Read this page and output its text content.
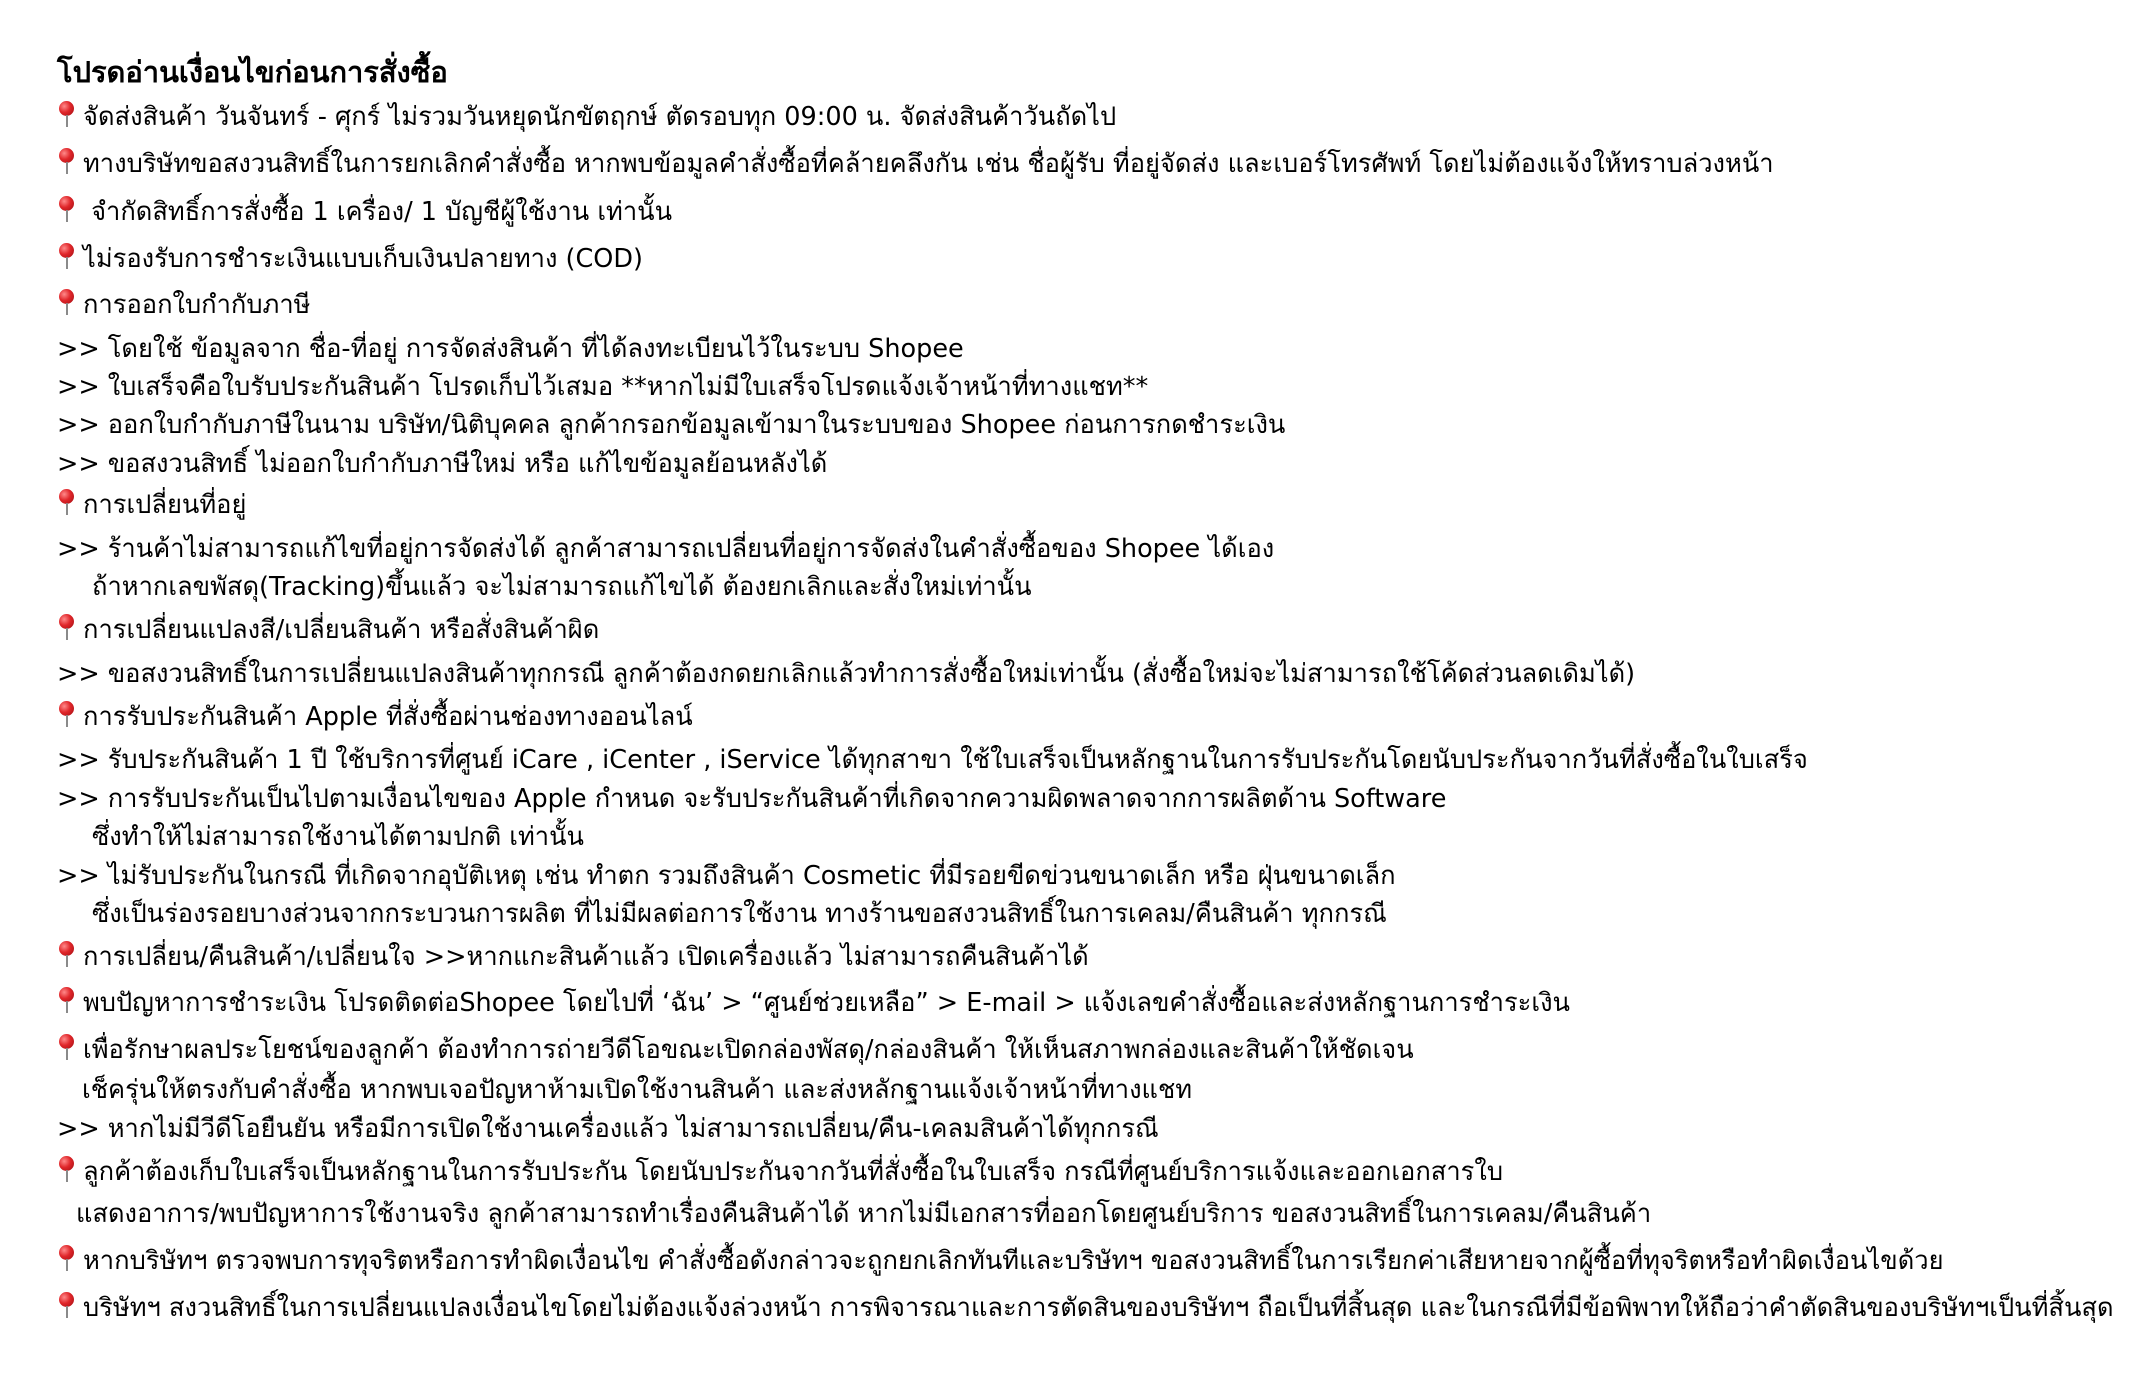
โปรดอ่านเงื่อนไขก่อนการสั่งซื้อ
จัดส่งสินค้า วันจันทร์ - ศุกร์ ไม่รวมวันหยุดนักขัตฤกษ์ ตัดรอบทุก 09:00 น. จัดส่งสินค้าวันถัดไป
ทางบริษัทขอสงวนสิทธิ์ในการยกเลิกคำสั่งซื้อ หากพบข้อมูลคำสั่งซื้อที่คล้ายคลึงกัน เช่น ชื่อผู้รับ ที่อยู่จัดส่ง และเบอร์โทรศัพท์ โดยไม่ต้องแจ้งให้ทราบล่วงหน้า
จำกัดสิทธิ์การสั่งซื้อ 1 เครื่อง/ 1 บัญชีผู้ใช้งาน เท่านั้น
ไม่รองรับการชำระเงินแบบเก็บเงินปลายทาง (COD)
การออกใบกำกับภาษี
>> โดยใช้ ข้อมูลจาก ชื่อ-ที่อยู่ การจัดส่งสินค้า ที่ได้ลงทะเบียนไว้ในระบบ Shopee
>> ใบเสร็จคือใบรับประกันสินค้า โปรดเก็บไว้เสมอ **หากไม่มีใบเสร็จโปรดแจ้งเจ้าหน้าที่ทางแชท**
>> ออกใบกำกับภาษีในนาม บริษัท/นิติบุคคล ลูกค้ากรอกข้อมูลเข้ามาในระบบของ Shopee ก่อนการกดชำระเงิน
>> ขอสงวนสิทธิ์ ไม่ออกใบกำกับภาษีใหม่ หรือ แก้ไขข้อมูลย้อนหลังได้
การเปลี่ยนที่อยู่
>> ร้านค้าไม่สามารถแก้ไขที่อยู่การจัดส่งได้ ลูกค้าสามารถเปลี่ยนที่อยู่การจัดส่งในคำสั่งซื้อของ Shopee ได้เอง
ถ้าหากเลขพัสดุ(Tracking)ขึ้นแล้ว จะไม่สามารถแก้ไขได้ ต้องยกเลิกและสั่งใหม่เท่านั้น
การเปลี่ยนแปลงสี/เปลี่ยนสินค้า หรือสั่งสินค้าผิด
>> ขอสงวนสิทธิ์ในการเปลี่ยนแปลงสินค้าทุกกรณี ลูกค้าต้องกดยกเลิกแล้วทำการสั่งซื้อใหม่เท่านั้น (สั่งซื้อใหม่จะไม่สามารถใช้โค้ดส่วนลดเดิมได้)
การรับประกันสินค้า Apple ที่สั่งซื้อผ่านช่องทางออนไลน์
>> รับประกันสินค้า 1 ปี ใช้บริการที่ศูนย์ iCare , iCenter , iService ได้ทุกสาขา ใช้ใบเสร็จเป็นหลักฐานในการรับประกันโดยนับประกันจากวันที่สั่งซื้อในใบเสร็จ
>> การรับประกันเป็นไปตามเงื่อนไขของ Apple กำหนด จะรับประกันสินค้าที่เกิดจากความผิดพลาดจากการผลิตด้าน Software
ซึ่งทำให้ไม่สามารถใช้งานได้ตามปกติ เท่านั้น
>> ไม่รับประกันในกรณี ที่เกิดจากอุบัติเหตุ เช่น ทำตก รวมถึงสินค้า Cosmetic ที่มีรอยขีดข่วนขนาดเล็ก หรือ ฝุ่นขนาดเล็ก
ซึ่งเป็นร่องรอยบางส่วนจากกระบวนการผลิต ที่ไม่มีผลต่อการใช้งาน ทางร้านขอสงวนสิทธิ์ในการเคลม/คืนสินค้า ทุกกรณี
การเปลี่ยน/คืนสินค้า/เปลี่ยนใจ >>หากแกะสินค้าแล้ว เปิดเครื่องแล้ว ไม่สามารถคืนสินค้าได้
พบปัญหาการชำระเงิน โปรดติดต่อShopee โดยไปที่ ‘ฉัน’ > “ศูนย์ช่วยเหลือ” > E-mail > แจ้งเลขคำสั่งซื้อและส่งหลักฐานการชำระเงิน
เพื่อรักษาผลประโยชน์ของลูกค้า ต้องทำการถ่ายวีดีโอขณะเปิดกล่องพัสดุ/กล่องสินค้า ให้เห็นสภาพกล่องและสินค้าให้ชัดเจน
เช็ครุ่นให้ตรงกับคำสั่งซื้อ หากพบเจอปัญหาห้ามเปิดใช้งานสินค้า และส่งหลักฐานแจ้งเจ้าหน้าที่ทางแชท
>> หากไม่มีวีดีโอยืนยัน หรือมีการเปิดใช้งานเครื่องแล้ว ไม่สามารถเปลี่ยน/คืน-เคลมสินค้าได้ทุกกรณี
ลูกค้าต้องเก็บใบเสร็จเป็นหลักฐานในการรับประกัน โดยนับประกันจากวันที่สั่งซื้อในใบเสร็จ กรณีที่ศูนย์บริการแจ้งและออกเอกสารใบ
แสดงอาการ/พบปัญหาการใช้งานจริง ลูกค้าสามารถทำเรื่องคืนสินค้าได้ หากไม่มีเอกสารที่ออกโดยศูนย์บริการ ขอสงวนสิทธิ์ในการเคลม/คืนสินค้า
หากบริษัทฯ ตรวจพบการทุจริตหรือการทำผิดเงื่อนไข คำสั่งซื้อดังกล่าวจะถูกยกเลิกทันทีและบริษัทฯ ขอสงวนสิทธิ์ในการเรียกค่าเสียหายจากผู้ซื้อที่ทุจริตหรือทำผิดเงื่อนไขด้วย
บริษัทฯ สงวนสิทธิ์ในการเปลี่ยนแปลงเงื่อนไขโดยไม่ต้องแจ้งล่วงหน้า การพิจารณาและการตัดสินของบริษัทฯ ถือเป็นที่สิ้นสุด และในกรณีที่มีข้อพิพาทให้ถือว่าคำตัดสินของบริษัทฯเป็นที่สิ้นสุด
